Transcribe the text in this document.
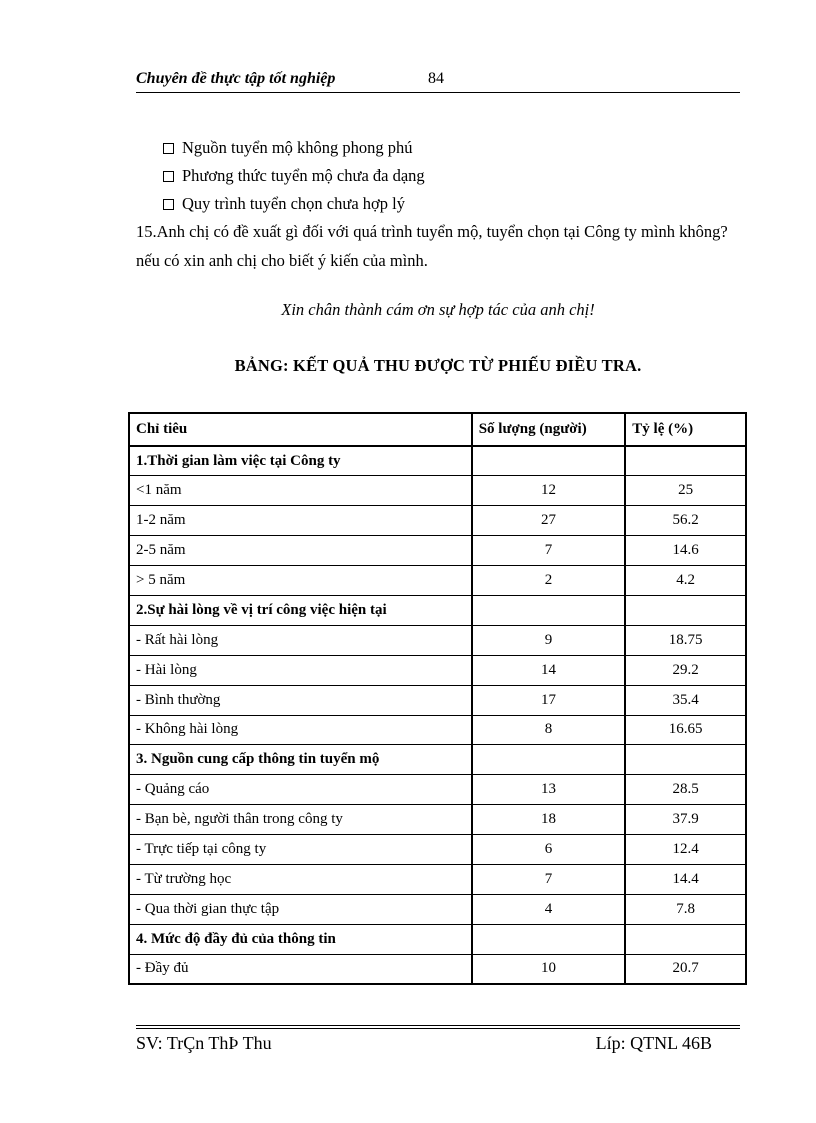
Chuyên đề thực tập tốt nghiệp	84
Nguồn tuyển mộ không phong phú
Phương thức tuyển mộ chưa đa dạng
Quy trình tuyển chọn chưa hợp lý
15.Anh chị có đề xuất gì đối với quá trình tuyển mộ, tuyển chọn tại Công ty mình không? nếu có xin anh chị cho biết ý kiến của mình.
Xin chân thành cám ơn sự hợp tác của anh chị!
BẢNG: KẾT QUẢ THU ĐƯỢC TỪ PHIẾU ĐIỀU TRA.
Chỉ tiêu	Số lượng (người)	Tỷ lệ (%)
1.Thời gian làm việc tại Công ty		
<1 năm	12	25
1-2 năm	27	56.2
2-5 năm	7	14.6
> 5 năm	2	4.2
2.Sự hài lòng về vị trí công việc hiện tại		
- Rất hài lòng	9	18.75
- Hài lòng	14	29.2
- Bình thường	17	35.4
- Không hài lòng	8	16.65
3. Nguồn cung cấp thông tin tuyển mộ		
- Quảng cáo	13	28.5
- Bạn bè, người thân trong công ty	18	37.9
- Trực tiếp tại công ty	6	12.4
- Từ trường học	7	14.4
- Qua thời gian thực tập	4	7.8
4. Mức độ đầy đủ của thông tin		
- Đầy đủ	10	20.7
SV: TrÇn ThÞ Thu	Líp: QTNL 46B
